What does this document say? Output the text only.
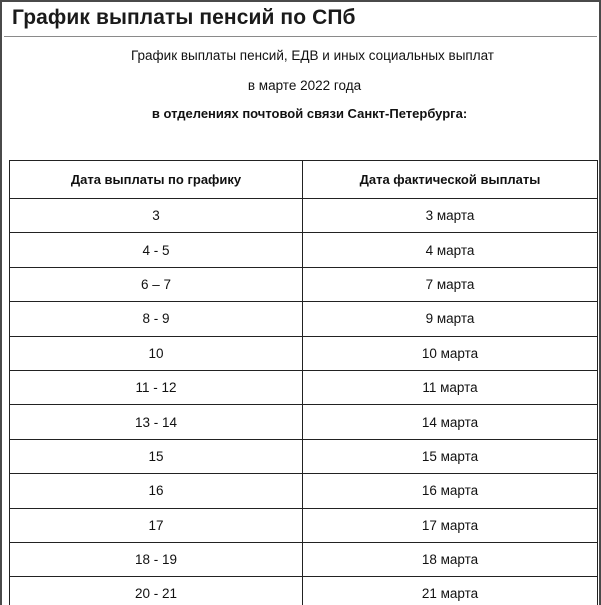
График выплаты пенсий по СПб
График выплаты пенсий, ЕДВ и иных социальных выплат
в марте 2022 года
в отделениях почтовой связи Санкт-Петербурга:
Дата выплаты по графику	Дата фактической выплаты
3	3 марта
4 - 5	4 марта
6 – 7	7 марта
8 - 9	9 марта
10	10 марта
11 - 12	11 марта
13 - 14	14 марта
15	15 марта
16	16 марта
17	17 марта
18 - 19	18 марта
20 - 21	21 марта
